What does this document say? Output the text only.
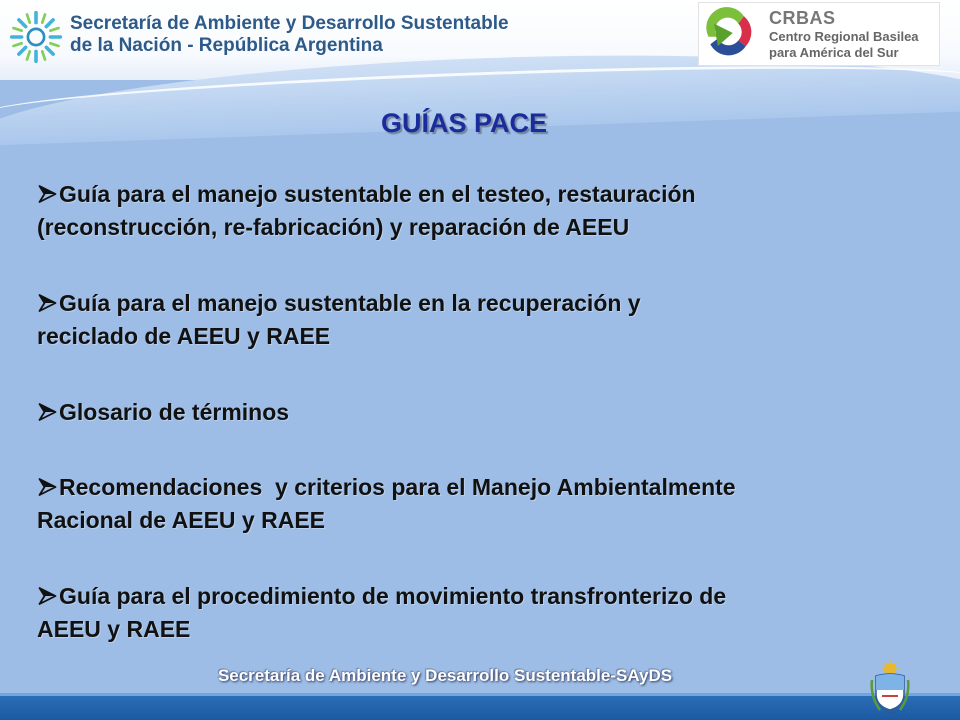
Secretaría de Ambiente y Desarrollo Sustentable
de la Nación - República Argentina
CRBAS
Centro Regional Basilea
para América del Sur
GUÍAS PACE
Guía para el manejo sustentable en el testeo, restauración
(reconstrucción, re-fabricación) y reparación de AEEU
Guía para el manejo sustentable en la recuperación y
reciclado de AEEU y RAEE
Glosario de términos
Recomendaciones  y criterios para el Manejo Ambientalmente
Racional de AEEU y RAEE
Guía para el procedimiento de movimiento transfronterizo de
AEEU y RAEE
Secretaría de Ambiente y Desarrollo Sustentable-SAyDS
